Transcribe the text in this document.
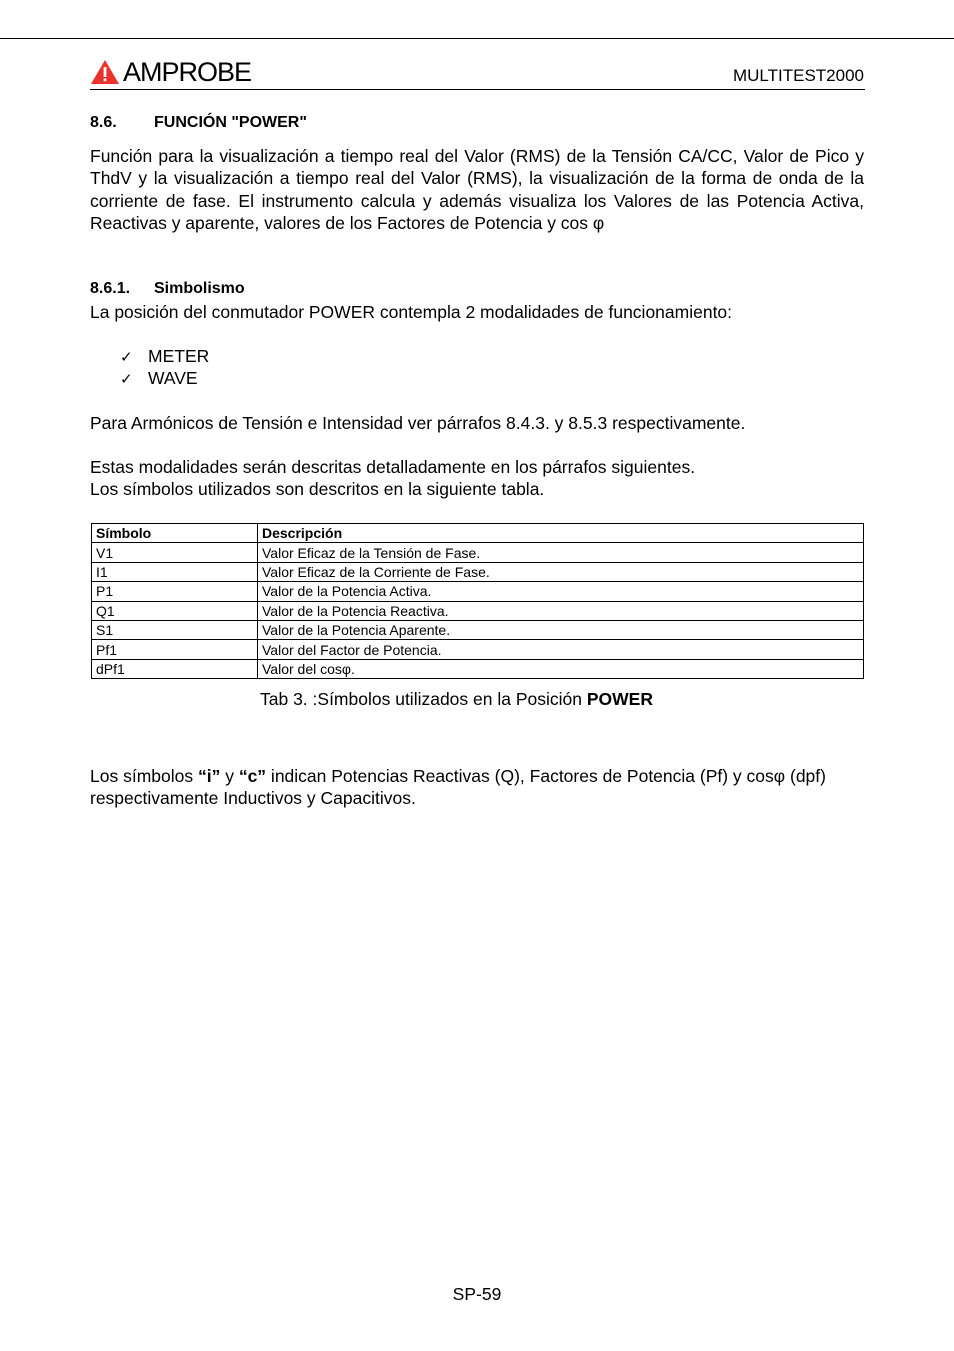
AMPROBE	MULTITEST2000
8.6. FUNCIÓN "POWER"
Función para la visualización a tiempo real del Valor (RMS) de la Tensión CA/CC, Valor de Pico y ThdV y la visualización a tiempo real del Valor (RMS), la visualización de la forma de onda de la corriente de fase. El instrumento calcula y además visualiza los Valores de las Potencia Activa, Reactivas y aparente, valores de los Factores de Potencia y cos φ
8.6.1. Simbolismo
La posición del conmutador POWER contempla 2 modalidades de funcionamiento:
✓ METER
✓ WAVE
Para Armónicos de Tensión e Intensidad ver párrafos 8.4.3. y 8.5.3 respectivamente.
Estas modalidades serán descritas detalladamente en los párrafos siguientes.
Los símbolos utilizados son descritos en la siguiente tabla.
Símbolo	Descripción
V1	Valor Eficaz de la Tensión de Fase.
I1	Valor Eficaz de la Corriente de Fase.
P1	Valor de la Potencia Activa.
Q1	Valor de la Potencia Reactiva.
S1	Valor de la Potencia Aparente.
Pf1	Valor del Factor de Potencia.
dPf1	Valor del cosφ.
Tab 3. :Símbolos utilizados en la Posición POWER
Los símbolos “i” y “c” indican Potencias Reactivas (Q), Factores de Potencia (Pf) y cosφ (dpf) respectivamente Inductivos y Capacitivos.
SP-59
